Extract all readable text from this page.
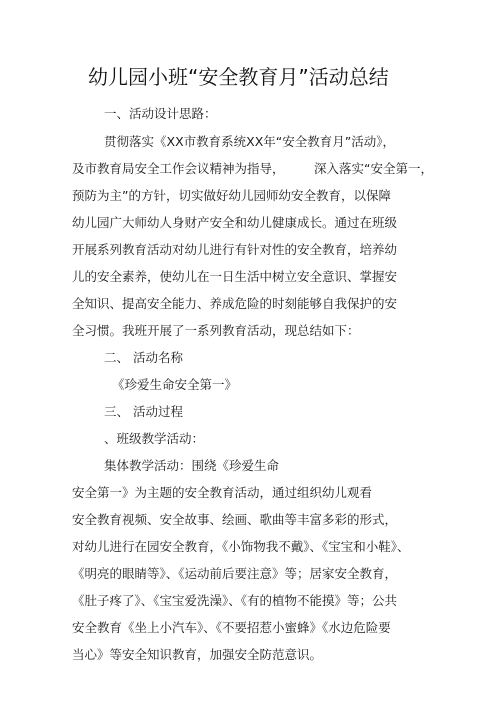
幼儿园小班“安全教育月”活动总结
一、活动设计思路：
贯彻落实《XX市教育系统XX年“安全教育月”活动》，
及市教育局安全工作会议精神为指导， 深入落实“安全第一，
预防为主”的方针，切实做好幼儿园师幼安全教育，以保障
幼儿园广大师幼人身财产安全和幼儿健康成长。通过在班级
开展系列教育活动对幼儿进行有针对性的安全教育，培养幼
儿的安全素养，使幼儿在一日生活中树立安全意识、掌握安
全知识、提高安全能力、养成危险的时刻能够自我保护的安
全习惯。我班开展了一系列教育活动，现总结如下：
二、 活动名称
《珍爱生命安全第一》
三、 活动过程
、班级教学活动：
集体教学活动：围绕《珍爱生命
安全第一》为主题的安全教育活动，通过组织幼儿观看
安全教育视频、安全故事、绘画、歌曲等丰富多彩的形式，
对幼儿进行在园安全教育，《小饰物我不戴》、《宝宝和小鞋》、
《明亮的眼睛等》、《运动前后要注意》等；居家安全教育，
《肚子疼了》、《宝宝爱洗澡》、《有的植物不能摸》等；公共
安全教育《坐上小汽车》、《不要招惹小蜜蜂》《水边危险要
当心》等安全知识教育，加强安全防范意识。
